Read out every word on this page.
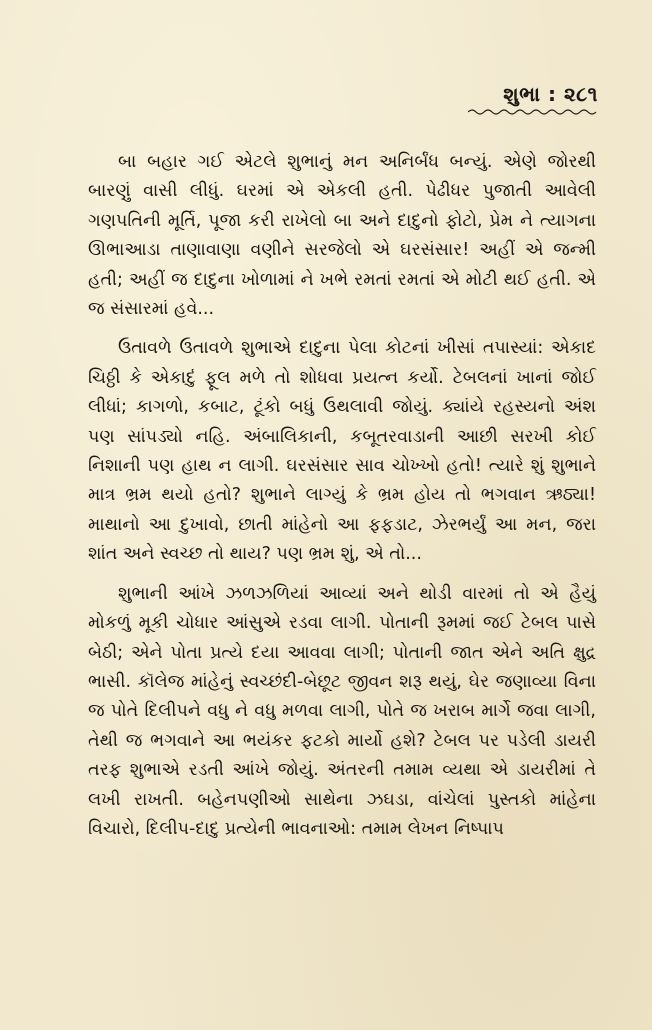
શુભા : ૨૮૧

બા બહાર ગઈ એટલે શુભાનું મન અનિર્બંધ બન્યું. એણે જોરથી બારણું વાસી લીધું. ઘરમાં એ એકલી હતી. પેઢીધર પુજાતી આવેલી ગણપતિની મૂર્તિ, પૂજા કરી રાખેલો બા અને દાદુનો ફોટો, પ્રેમ ને ત્યાગના ઊભાઆડા તાણાવાણા વણીને સરજેલો એ ઘરસંસાર! અહીં એ જન્મી હતી; અહીં જ દાદુના ખોળામાં ને ખભે રમતાં રમતાં એ મોટી થઈ હતી. એ જ સંસારમાં હવે...

ઉતાવળે ઉતાવળે શુભાએ દાદુના પેલા કોટનાં ખીસાં તપાસ્યાં: એકાદ ચિઠ્ઠી કે એકાદું ફૂલ મળે તો શોધવા પ્રયત્ન કર્યો. ટેબલનાં ખાનાં જોઈ લીધાં; કાગળો, કબાટ, ટૂંકો બધું ઉથલાવી જોયું. ક્યાંયે રહસ્યનો અંશ પણ સાંપડ્યો નહિ. અંબાલિકાની, કબૂતરવાડાની આછી સરખી કોઈ નિશાની પણ હાથ ન લાગી. ઘરસંસાર સાવ ચોખ્ખો હતો! ત્યારે શું શુભાને માત્ર ભ્રમ થયો હતો? શુભાને લાગ્યું કે ભ્રમ હોય તો ભગવાન ઋઠ્યા! માથાનો આ દુખાવો, છાતી માંહેનો આ ફફડાટ, ઝેરભર્યું આ મન, જરા શાંત અને સ્વચ્છ તો થાય? પણ ભ્રમ શું, એ તો...

શુભાની આંખે ઝળઝળિયાં આવ્યાં અને થોડી વારમાં તો એ હૈયું મોકળું મૂકી ચોધાર આંસુએ રડવા લાગી. પોતાની રૂમમાં જઈ ટેબલ પાસે બેઠી; એને પોતા પ્રત્યે દયા આવવા લાગી; પોતાની જાત એને અતિ ક્ષુદ્ર ભાસી. કૉલેજ માંહેનું સ્વચ્છંદી-બેછૂટ જીવન શરૂ થયું, ઘેર જણાવ્યા વિના જ પોતે દિલીપને વધુ ને વધુ મળવા લાગી, પોતે જ ખરાબ માર્ગે જવા લાગી, તેથી જ ભગવાને આ ભયંકર ફટકો માર્યો હશે? ટેબલ પર પડેલી ડાયરી તરફ શુભાએ રડતી આંખે જોયું. અંતરની તમામ વ્યથા એ ડાયરીમાં તે લખી રાખતી. બહેનપણીઓ સાથેના ઝઘડા, વાંચેલાં પુસ્તકો માંહેના વિચારો, દિલીપ-દાદુ પ્રત્યેની ભાવનાઓ: તમામ લેખન નિષ્પાપ
